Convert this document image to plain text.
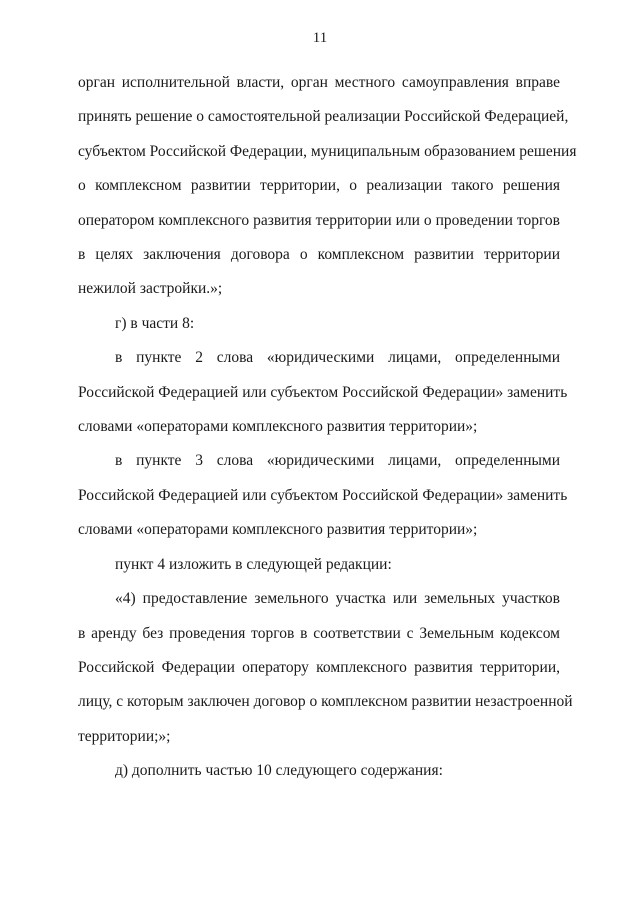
11

орган исполнительной власти, орган местного самоуправления вправе
принять решение о самостоятельной реализации Российской Федерацией,
субъектом Российской Федерации, муниципальным образованием решения
о комплексном развитии территории, о реализации такого решения
оператором комплексного развития территории или о проведении торгов
в целях заключения договора о комплексном развитии территории
нежилой застройки.»;

г) в части 8:

в пункте 2 слова «юридическими лицами, определенными
Российской Федерацией или субъектом Российской Федерации» заменить
словами «операторами комплексного развития территории»;

в пункте 3 слова «юридическими лицами, определенными
Российской Федерацией или субъектом Российской Федерации» заменить
словами «операторами комплексного развития территории»;

пункт 4 изложить в следующей редакции:

«4) предоставление земельного участка или земельных участков
в аренду без проведения торгов в соответствии с Земельным кодексом
Российской Федерации оператору комплексного развития территории,
лицу, с которым заключен договор о комплексном развитии незастроенной
территории;»;

д) дополнить частью 10 следующего содержания:
